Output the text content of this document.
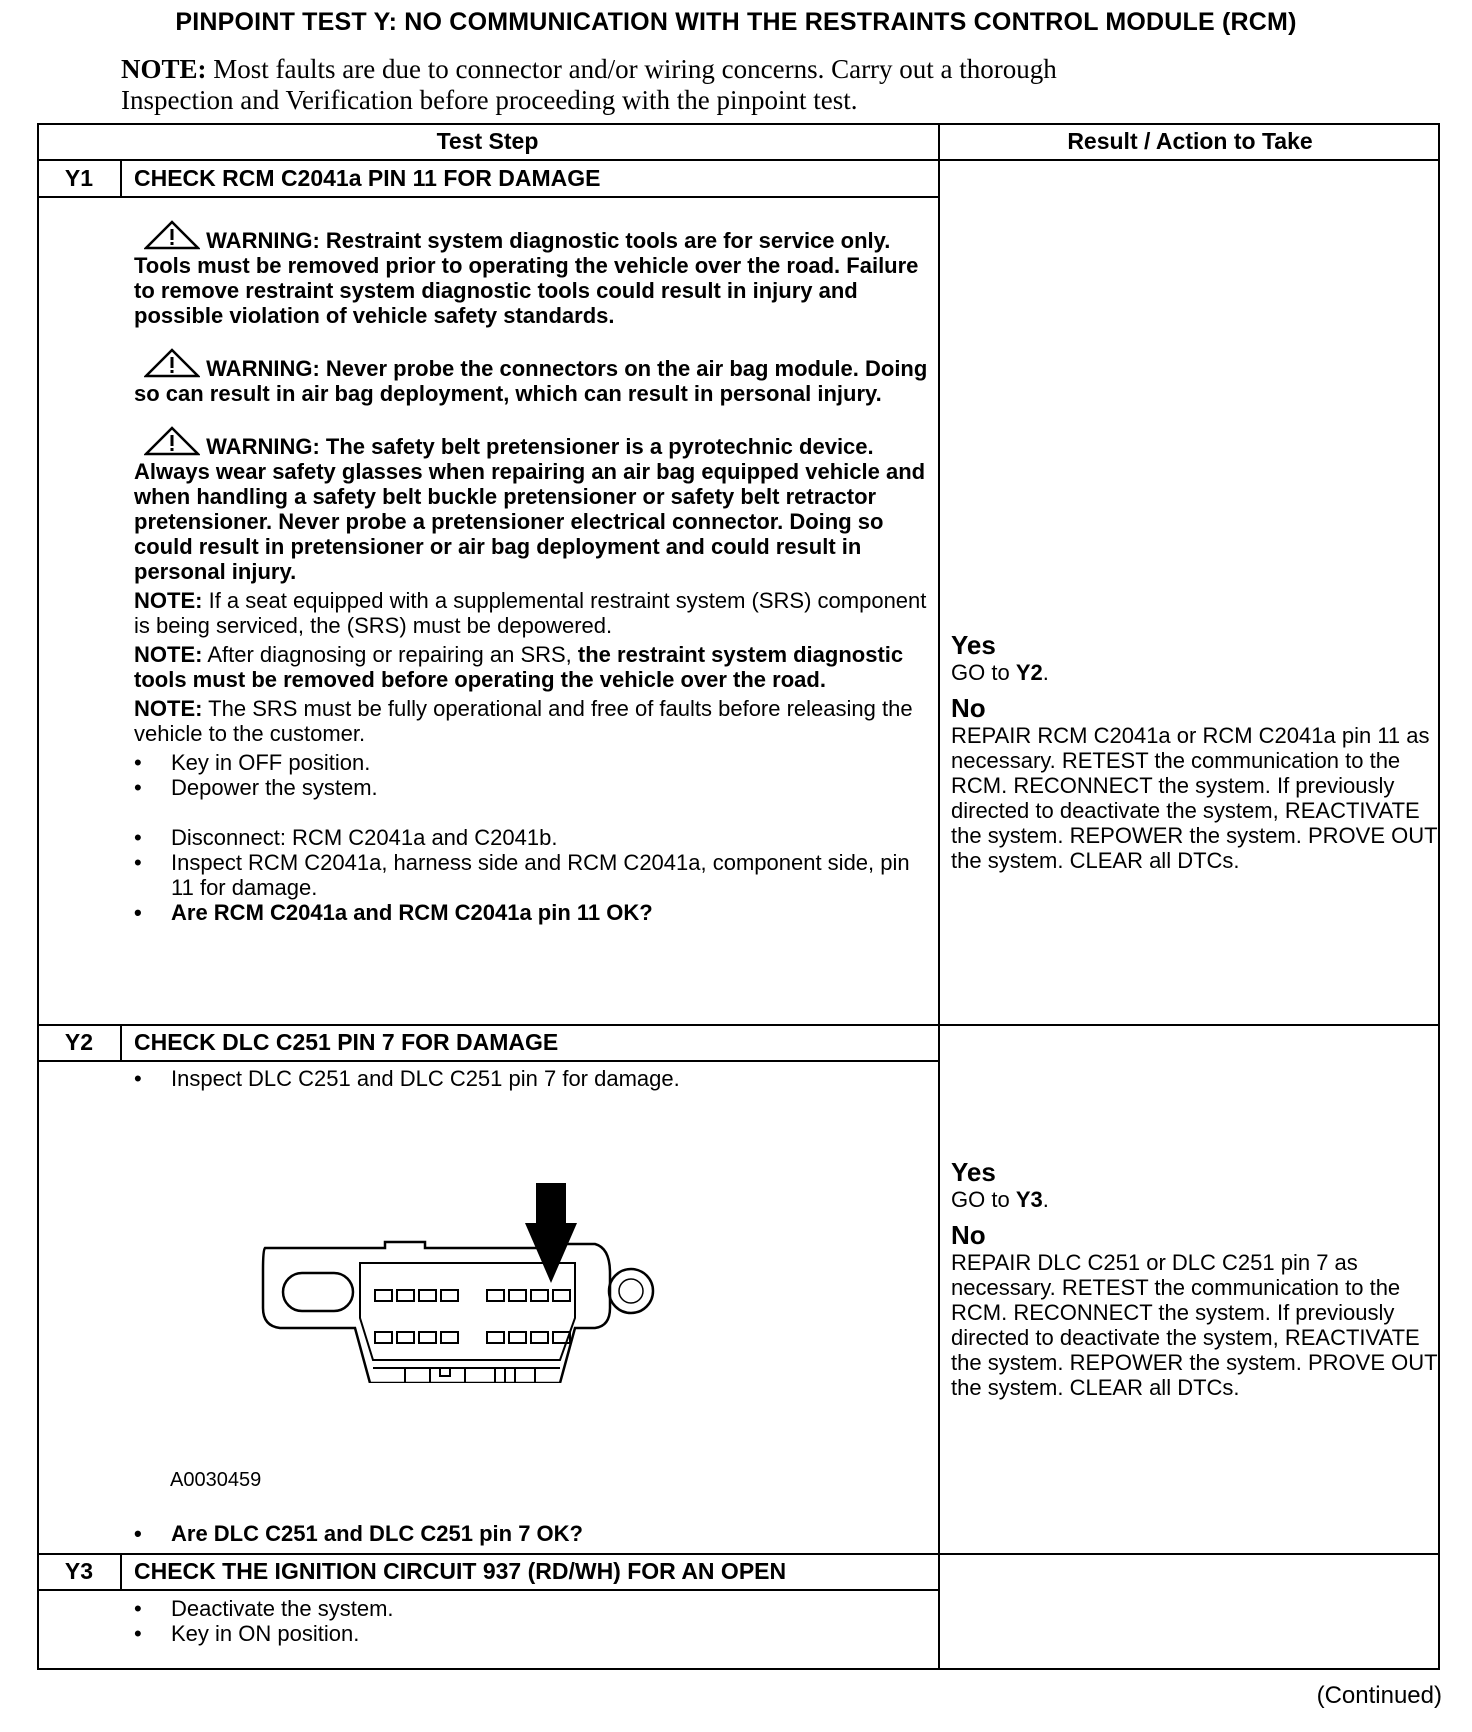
PINPOINT TEST Y: NO COMMUNICATION WITH THE RESTRAINTS CONTROL MODULE (RCM)
NOTE: Most faults are due to connector and/or wiring concerns. Carry out a thorough
Inspection and Verification before proceeding with the pinpoint test.
Test Step	Result / Action to Take
Y1	CHECK RCM C2041a PIN 11 FOR DAMAGE
WARNING: Restraint system diagnostic tools are for service only. Tools must be removed prior to operating the vehicle over the road. Failure to remove restraint system diagnostic tools could result in injury and possible violation of vehicle safety standards.
WARNING: Never probe the connectors on the air bag module. Doing so can result in air bag deployment, which can result in personal injury.
WARNING: The safety belt pretensioner is a pyrotechnic device. Always wear safety glasses when repairing an air bag equipped vehicle and when handling a safety belt buckle pretensioner or safety belt retractor pretensioner. Never probe a pretensioner electrical connector. Doing so could result in pretensioner or air bag deployment and could result in personal injury.
NOTE: If a seat equipped with a supplemental restraint system (SRS) component is being serviced, the (SRS) must be depowered.
NOTE: After diagnosing or repairing an SRS, the restraint system diagnostic tools must be removed before operating the vehicle over the road.
NOTE: The SRS must be fully operational and free of faults before releasing the vehicle to the customer.
• Key in OFF position.
• Depower the system.
• Disconnect: RCM C2041a and C2041b.
• Inspect RCM C2041a, harness side and RCM C2041a, component side, pin 11 for damage.
• Are RCM C2041a and RCM C2041a pin 11 OK?
Yes
GO to Y2.
No
REPAIR RCM C2041a or RCM C2041a pin 11 as necessary. RETEST the communication to the RCM. RECONNECT the system. If previously directed to deactivate the system, REACTIVATE the system. REPOWER the system. PROVE OUT the system. CLEAR all DTCs.
Y2	CHECK DLC C251 PIN 7 FOR DAMAGE
• Inspect DLC C251 and DLC C251 pin 7 for damage.
A0030459
• Are DLC C251 and DLC C251 pin 7 OK?
Yes
GO to Y3.
No
REPAIR DLC C251 or DLC C251 pin 7 as necessary. RETEST the communication to the RCM. RECONNECT the system. If previously directed to deactivate the system, REACTIVATE the system. REPOWER the system. PROVE OUT the system. CLEAR all DTCs.
Y3	CHECK THE IGNITION CIRCUIT 937 (RD/WH) FOR AN OPEN
• Deactivate the system.
• Key in ON position.
(Continued)
